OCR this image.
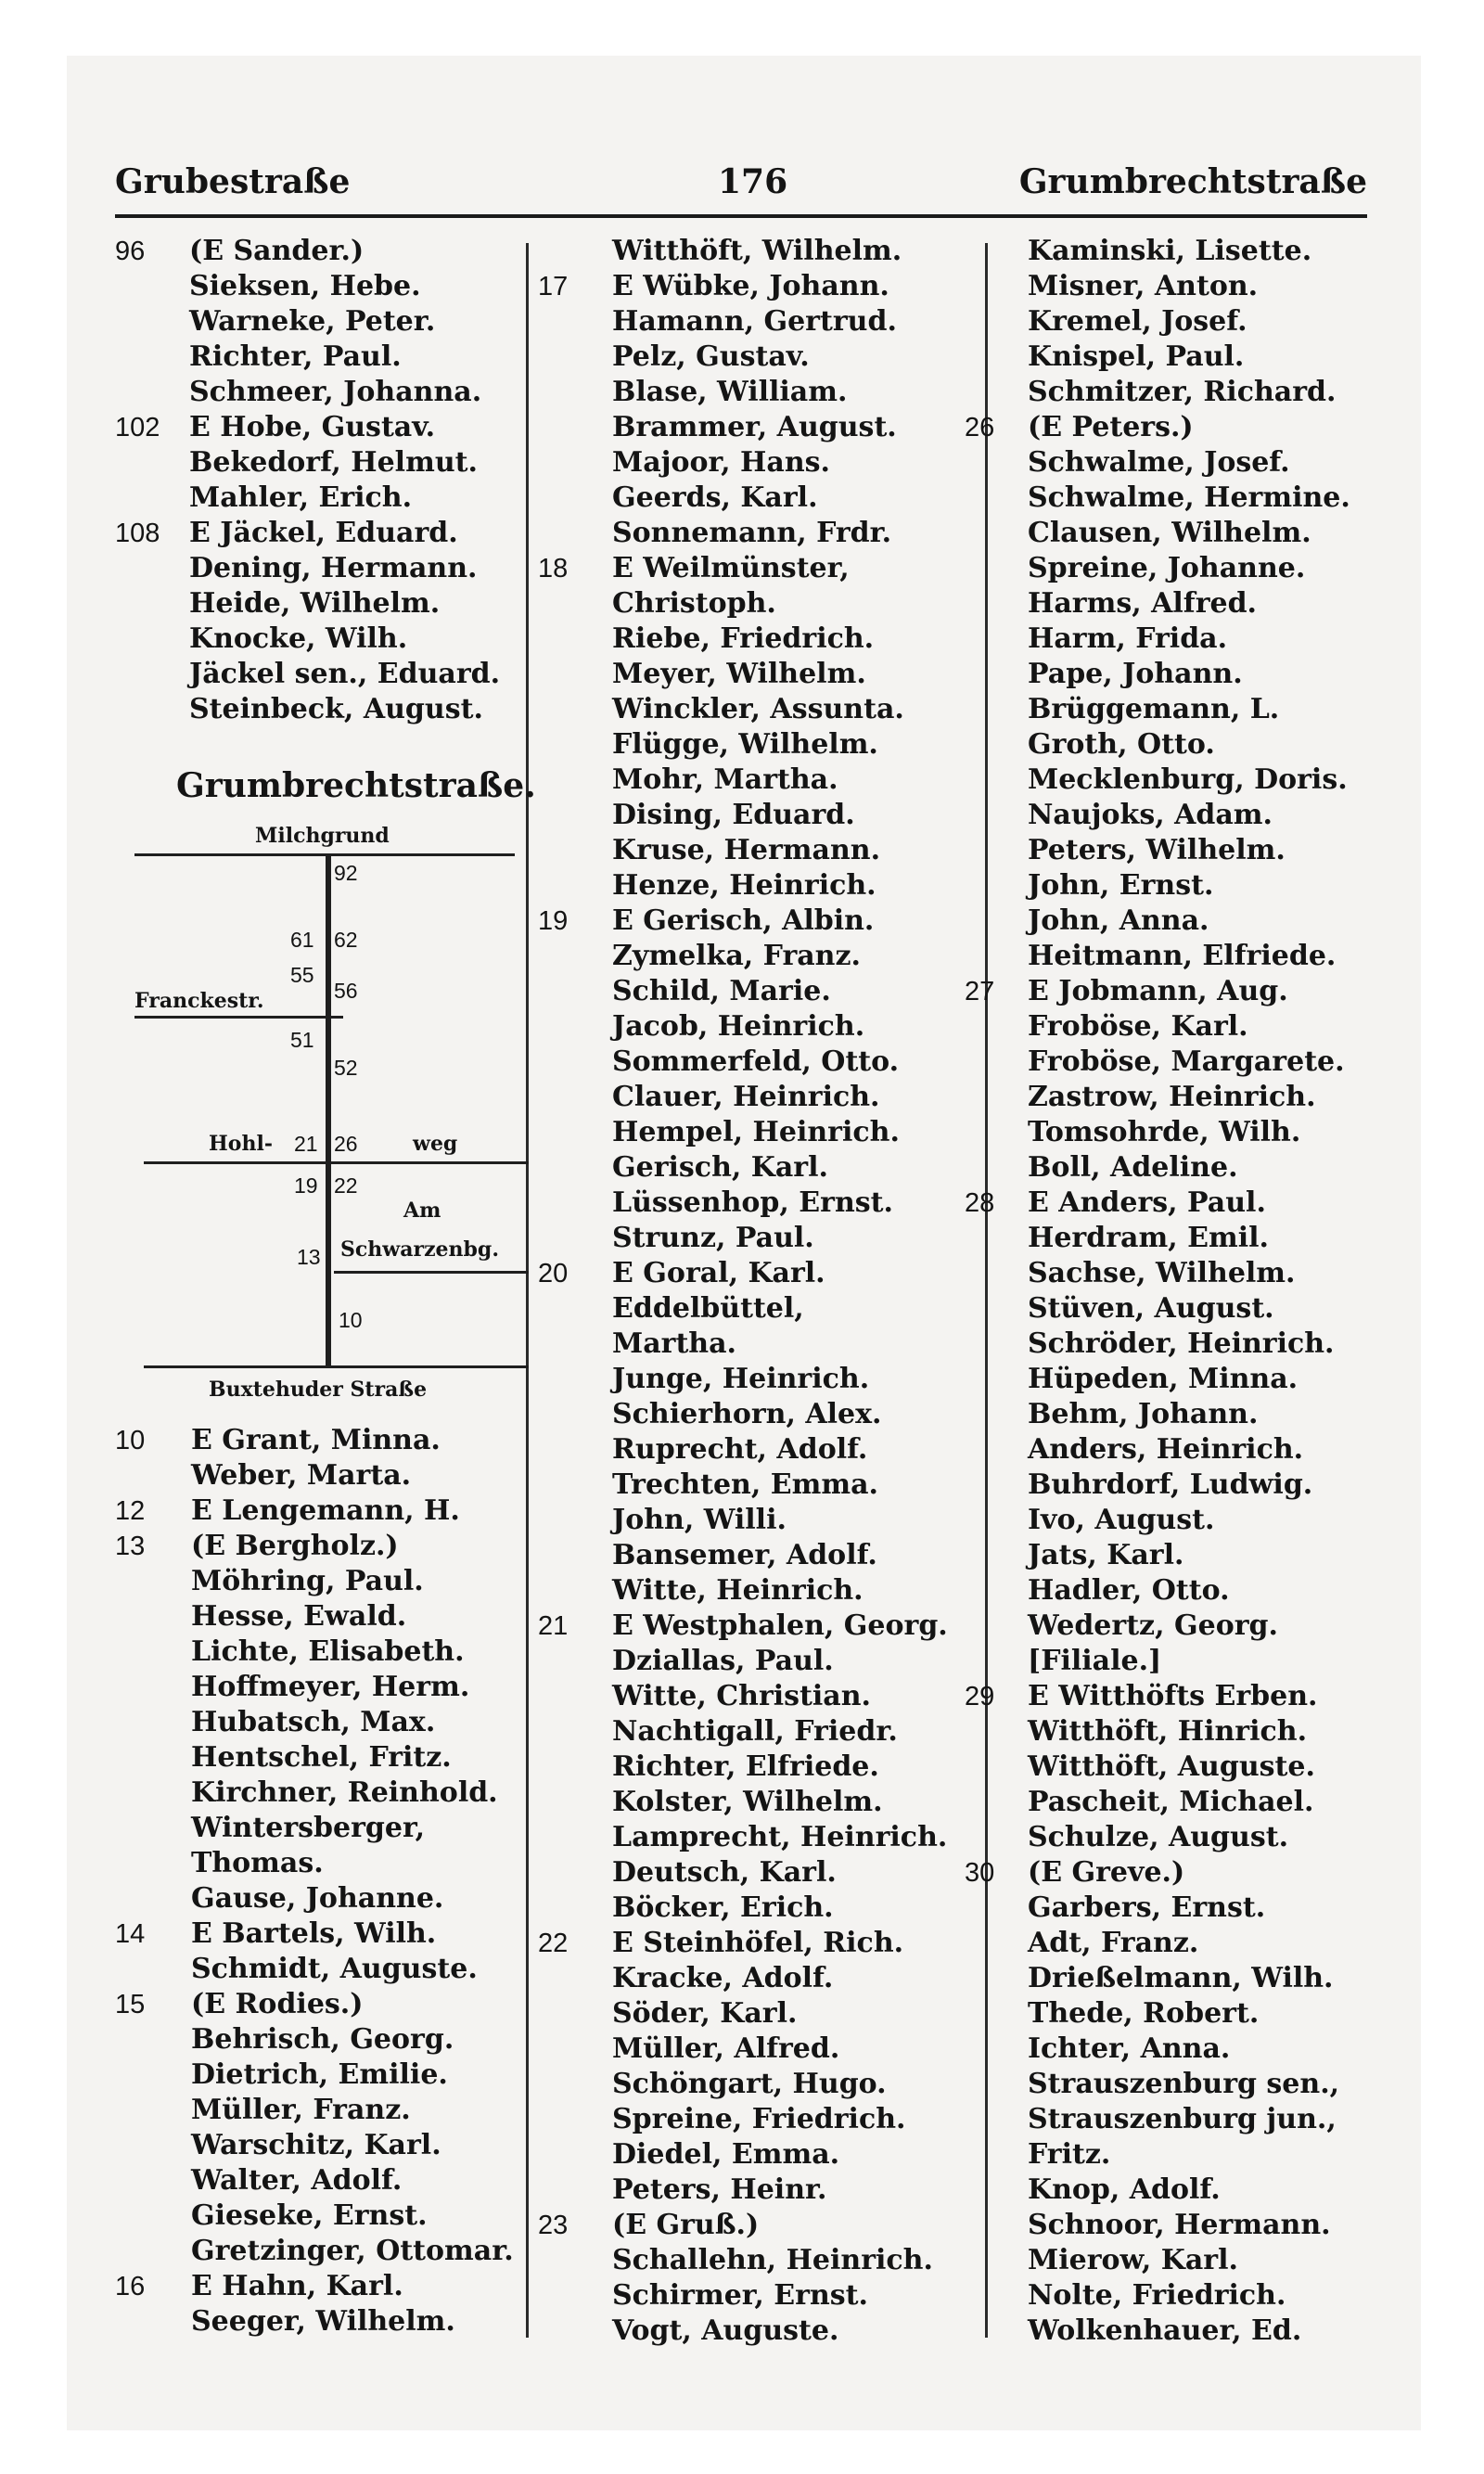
Grubestraße	176	Grumbrechtstraße
96	(E Sander.)
Sieksen, Hebe.
Warneke, Peter.
Richter, Paul.
Schmeer, Johanna.
102	E Hobe, Gustav.
Bekedorf, Helmut.
Mahler, Erich.
108	E Jäckel, Eduard.
Dening, Hermann.
Heide, Wilhelm.
Knocke, Wilh.
Jäckel sen., Eduard.
Steinbeck, August.
Grumbrechtstraße.
Milchgrund
Franckestr.
Hohl-	weg
Am
Schwarzenbg.
Buxtehuder Straße
92
61 62
55
56
51
52
21 26
19 22
13
10
10	E Grant, Minna.
Weber, Marta.
12	E Lengemann, H.
13	(E Bergholz.)
Möhring, Paul.
Hesse, Ewald.
Lichte, Elisabeth.
Hoffmeyer, Herm.
Hubatsch, Max.
Hentschel, Fritz.
Kirchner, Reinhold.
Wintersberger,
Thomas.
Gause, Johanne.
14	E Bartels, Wilh.
Schmidt, Auguste.
15	(E Rodies.)
Behrisch, Georg.
Dietrich, Emilie.
Müller, Franz.
Warschitz, Karl.
Walter, Adolf.
Gieseke, Ernst.
Gretzinger, Ottomar.
16	E Hahn, Karl.
Seeger, Wilhelm.
Witthöft, Wilhelm.
17	E Wübke, Johann.
Hamann, Gertrud.
Pelz, Gustav.
Blase, William.
Brammer, August.
Majoor, Hans.
Geerds, Karl.
Sonnemann, Frdr.
18	E Weilmünster,
Christoph.
Riebe, Friedrich.
Meyer, Wilhelm.
Winckler, Assunta.
Flügge, Wilhelm.
Mohr, Martha.
Dising, Eduard.
Kruse, Hermann.
Henze, Heinrich.
19	E Gerisch, Albin.
Zymelka, Franz.
Schild, Marie.
Jacob, Heinrich.
Sommerfeld, Otto.
Clauer, Heinrich.
Hempel, Heinrich.
Gerisch, Karl.
Lüssenhop, Ernst.
Strunz, Paul.
20	E Goral, Karl.
Eddelbüttel,
Martha.
Junge, Heinrich.
Schierhorn, Alex.
Ruprecht, Adolf.
Trechten, Emma.
John, Willi.
Bansemer, Adolf.
Witte, Heinrich.
21	E Westphalen, Georg.
Dziallas, Paul.
Witte, Christian.
Nachtigall, Friedr.
Richter, Elfriede.
Kolster, Wilhelm.
Lamprecht, Heinrich.
Deutsch, Karl.
Böcker, Erich.
22	E Steinhöfel, Rich.
Kracke, Adolf.
Söder, Karl.
Müller, Alfred.
Schöngart, Hugo.
Spreine, Friedrich.
Diedel, Emma.
Peters, Heinr.
23	(E Gruß.)
Schallehn, Heinrich.
Schirmer, Ernst.
Vogt, Auguste.
Kaminski, Lisette.
Misner, Anton.
Kremel, Josef.
Knispel, Paul.
Schmitzer, Richard.
26	(E Peters.)
Schwalme, Josef.
Schwalme, Hermine.
Clausen, Wilhelm.
Spreine, Johanne.
Harms, Alfred.
Harm, Frida.
Pape, Johann.
Brüggemann, L.
Groth, Otto.
Mecklenburg, Doris.
Naujoks, Adam.
Peters, Wilhelm.
John, Ernst.
John, Anna.
Heitmann, Elfriede.
27	E Jobmann, Aug.
Froböse, Karl.
Froböse, Margarete.
Zastrow, Heinrich.
Tomsohrde, Wilh.
Boll, Adeline.
28	E Anders, Paul.
Herdram, Emil.
Sachse, Wilhelm.
Stüven, August.
Schröder, Heinrich.
Hüpeden, Minna.
Behm, Johann.
Anders, Heinrich.
Buhrdorf, Ludwig.
Ivo, August.
Jats, Karl.
Hadler, Otto.
Wedertz, Georg.
[Filiale.]
29	E Witthöfts Erben.
Witthöft, Hinrich.
Witthöft, Auguste.
Pascheit, Michael.
Schulze, August.
30	(E Greve.)
Garbers, Ernst.
Adt, Franz.
Drießelmann, Wilh.
Thede, Robert.
Ichter, Anna.
Strauszenburg sen.,
Strauszenburg jun.,
Fritz.
Knop, Adolf.
Schnoor, Hermann.
Mierow, Karl.
Nolte, Friedrich.
Wolkenhauer, Ed.
